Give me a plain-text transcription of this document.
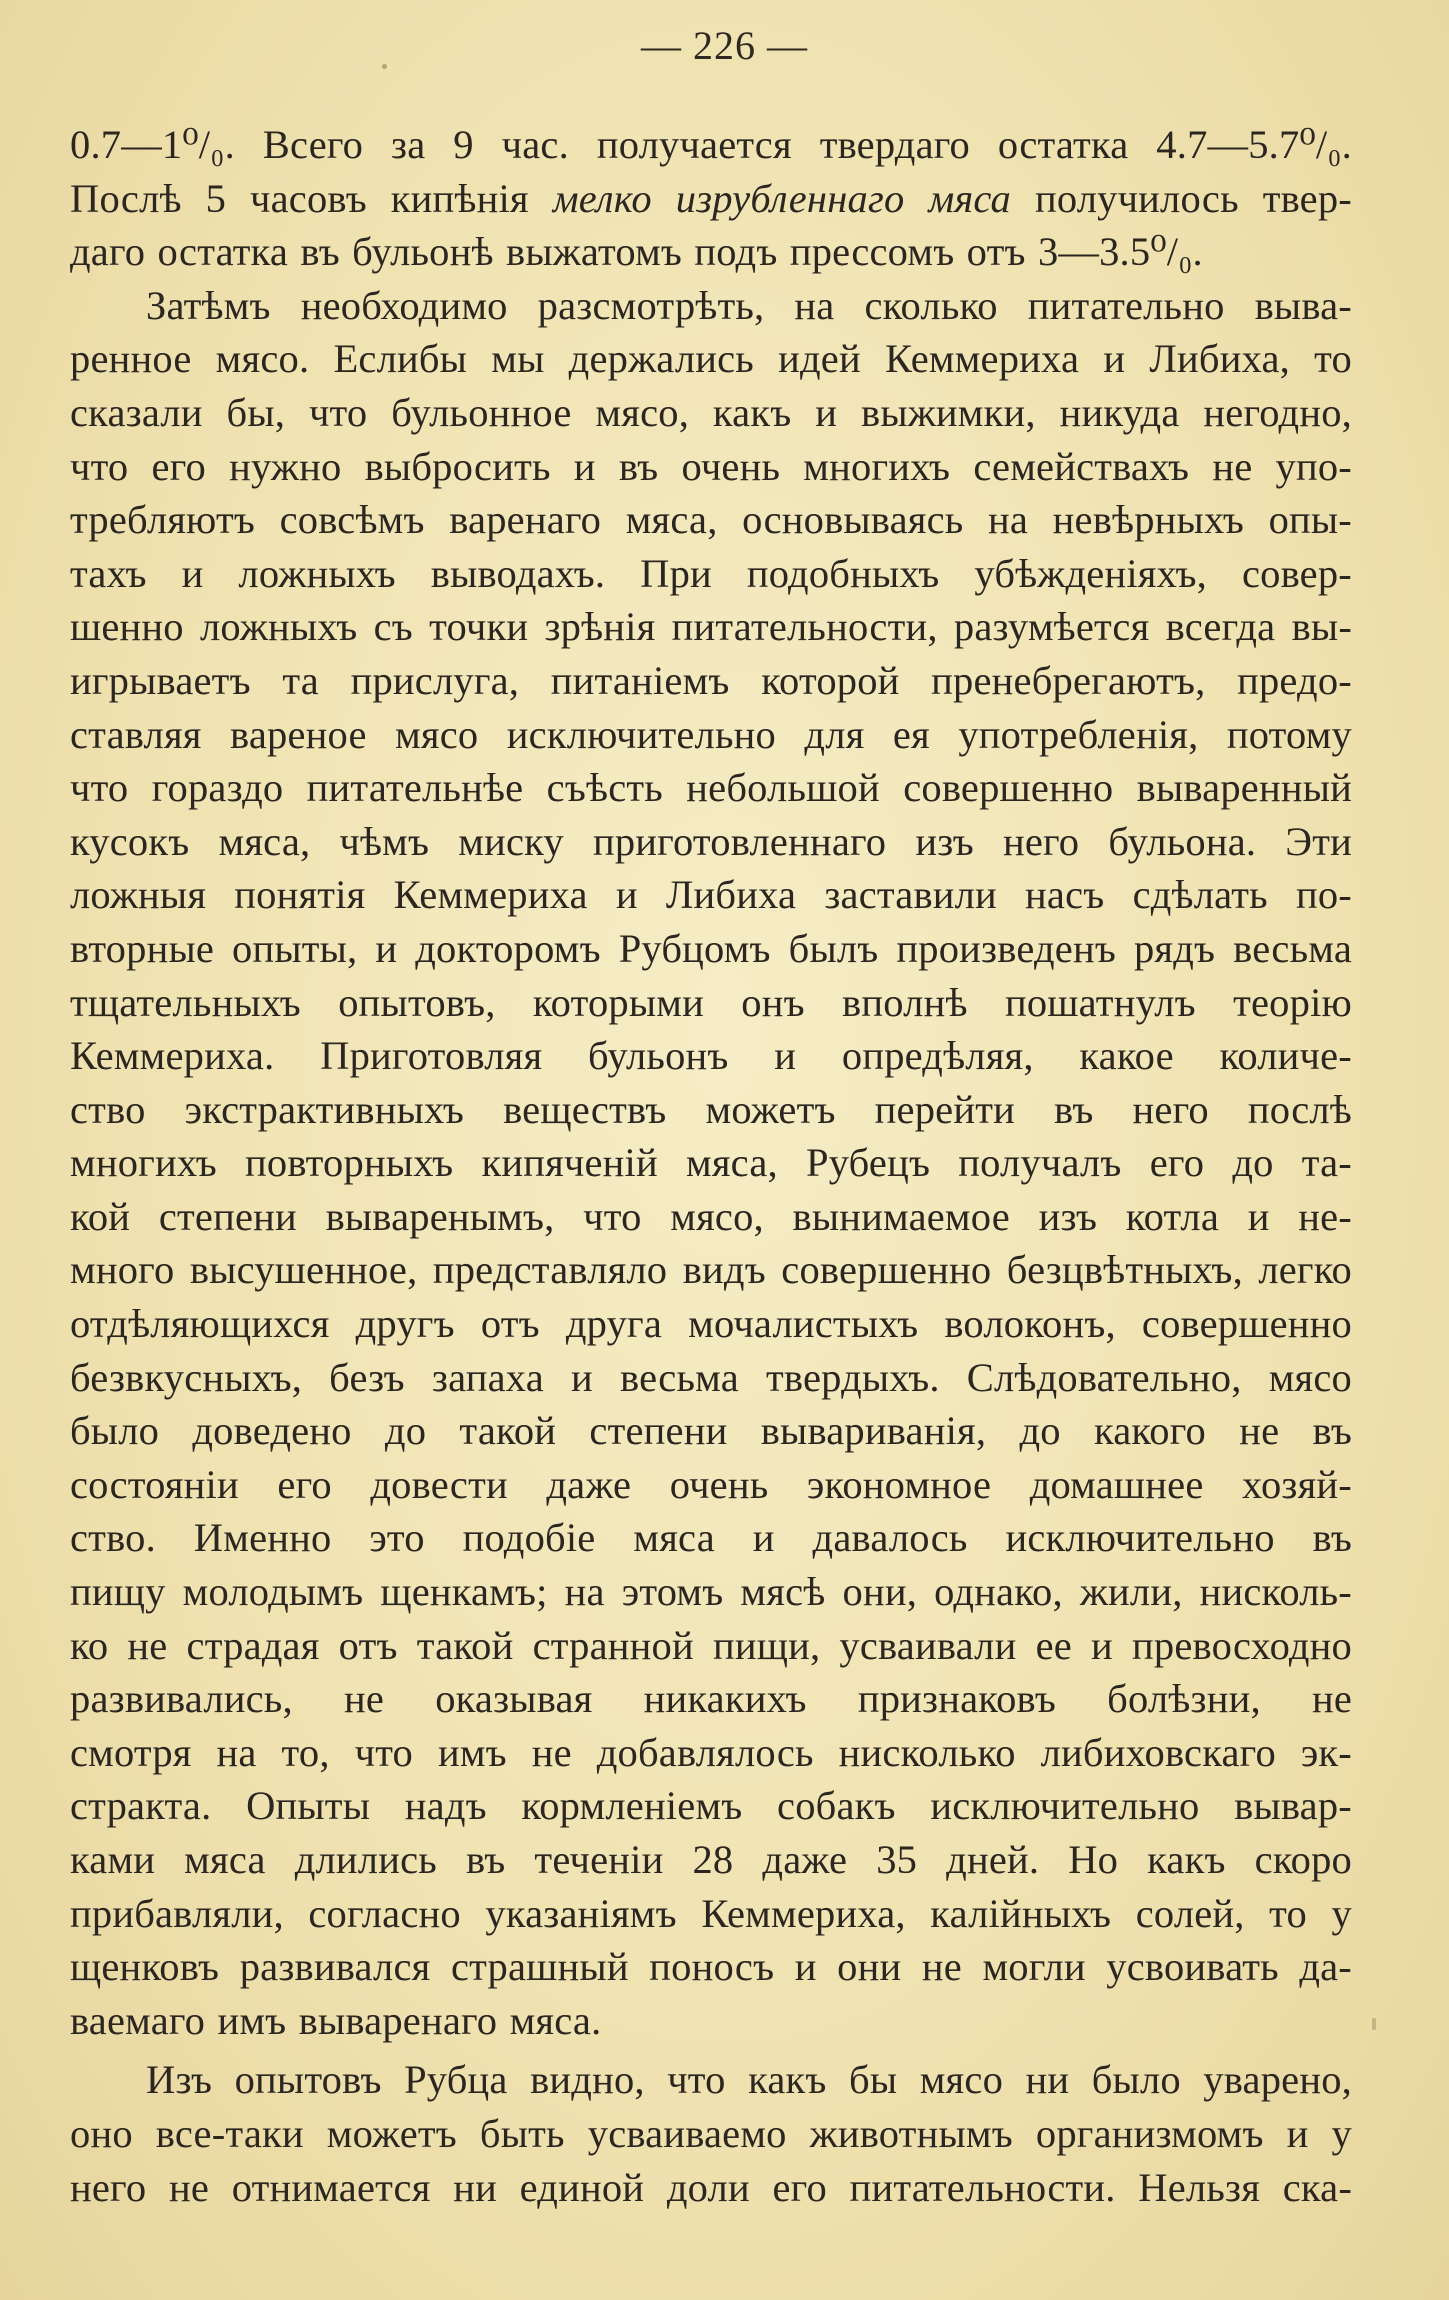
— 226 —
0.7—1⁰/₀. Всего за 9 час. получается твердаго остатка 4.7—5.7⁰/₀.
Послѣ 5 часовъ кипѣнія мелко изрубленнаго мяса получилось твер-
даго остатка въ бульонѣ выжатомъ подъ прессомъ отъ 3—3.5⁰/₀.
Затѣмъ необходимо разсмотрѣть, на сколько питательно выва-
ренное мясо. Еслибы мы держались идей Кеммериха и Либиха, то
сказали бы, что бульонное мясо, какъ и выжимки, никуда негодно,
что его нужно выбросить и въ очень многихъ семействахъ не упо-
требляютъ совсѣмъ варенаго мяса, основываясь на невѣрныхъ опы-
тахъ и ложныхъ выводахъ. При подобныхъ убѣжденіяхъ, совер-
шенно ложныхъ съ точки зрѣнія питательности, разумѣется всегда вы-
игрываетъ та прислуга, питаніемъ которой пренебрегаютъ, предо-
ставляя вареное мясо исключительно для ея употребленія, потому
что гораздо питательнѣе съѣсть небольшой совершенно вываренный
кусокъ мяса, чѣмъ миску приготовленнаго изъ него бульона. Эти
ложныя понятія Кеммериха и Либиха заставили насъ сдѣлать по-
вторные опыты, и докторомъ Рубцомъ былъ произведенъ рядъ весьма
тщательныхъ опытовъ, которыми онъ вполнѣ пошатнулъ теорію
Кеммериха. Приготовляя бульонъ и опредѣляя, какое количе-
ство экстрактивныхъ веществъ можетъ перейти въ него послѣ
многихъ повторныхъ кипяченій мяса, Рубецъ получалъ его до та-
кой степени вываренымъ, что мясо, вынимаемое изъ котла и не-
много высушенное, представляло видъ совершенно безцвѣтныхъ, легко
отдѣляющихся другъ отъ друга мочалистыхъ волоконъ, совершенно
безвкусныхъ, безъ запаха и весьма твердыхъ. Слѣдовательно, мясо
было доведено до такой степени вывариванія, до какого не въ
состояніи его довести даже очень экономное домашнее хозяй-
ство. Именно это подобіе мяса и давалось исключительно въ
пищу молодымъ щенкамъ; на этомъ мясѣ они, однако, жили, нисколь-
ко не страдая отъ такой странной пищи, усваивали ее и превосходно
развивались, не оказывая никакихъ признаковъ болѣзни, не
смотря на то, что имъ не добавлялось нисколько либиховскаго эк-
стракта. Опыты надъ кормленіемъ собакъ исключительно вывар-
ками мяса длились въ теченіи 28 даже 35 дней. Но какъ скоро
прибавляли, согласно указаніямъ Кеммериха, калійныхъ солей, то у
щенковъ развивался страшный поносъ и они не могли усвоивать да-
ваемаго имъ вываренаго мяса.
Изъ опытовъ Рубца видно, что какъ бы мясо ни было уварено,
оно все-таки можетъ быть усваиваемо животнымъ организмомъ и у
него не отнимается ни единой доли его питательности. Нельзя ска-
